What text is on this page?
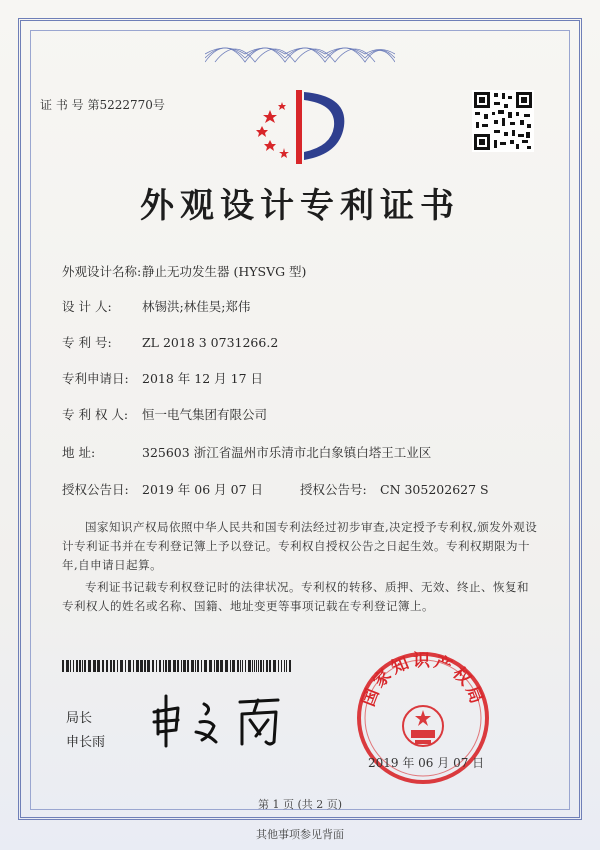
证 书 号 第5222770号
外观设计专利证书
外观设计名称:静止无功发生器 (HYSVG 型)
设 计 人: 林锡洪;林佳昊;郑伟
专 利 号: ZL 2018 3 0731266.2
专利申请日: 2018 年 12 月 17 日
专 利 权 人: 恒一电气集团有限公司
地 址:	325603 浙江省温州市乐清市北白象镇白塔王工业区
授权公告日: 2019 年 06 月 07 日	授权公告号: CN 305202627 S
国家知识产权局依照中华人民共和国专利法经过初步审查,决定授予专利权,颁发外观设计专利证书并在专利登记簿上予以登记。专利权自授权公告之日起生效。专利权期限为十年,自申请日起算。
专利证书记载专利权登记时的法律状况。专利权的转移、质押、无效、终止、恢复和专利权人的姓名或名称、国籍、地址变更等事项记载在专利登记簿上。
局长
申长雨
国家知识产权局
2019 年 06 月 07 日
第 1 页 (共 2 页)
其他事项参见背面
